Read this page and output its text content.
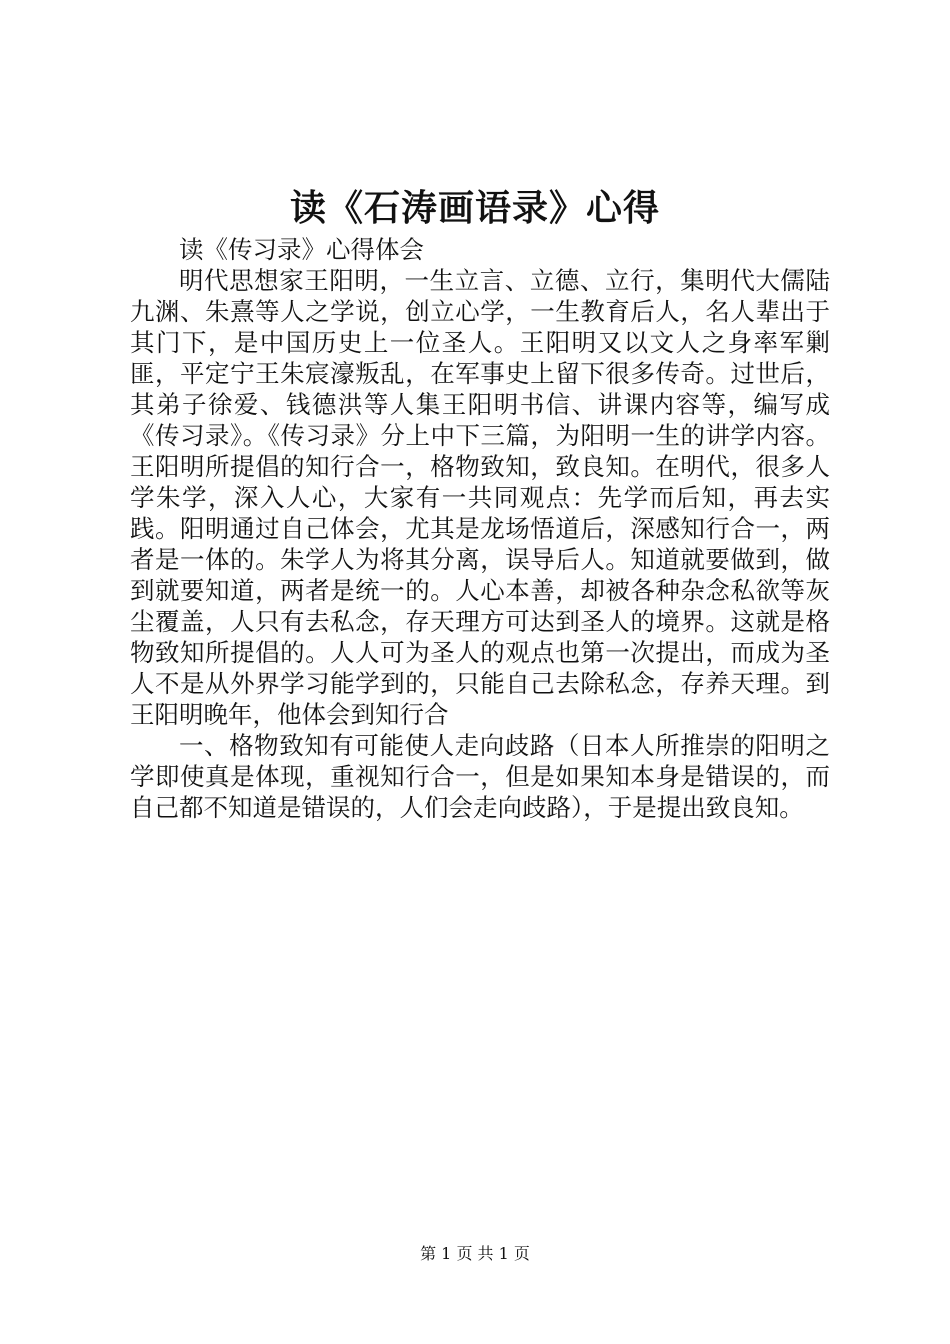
读《石涛画语录》心得

读《传习录》心得体会

明代思想家王阳明，一生立言、立德、立行，集明代大儒陆九渊、朱熹等人之学说，创立心学，一生教育后人，名人辈出于其门下，是中国历史上一位圣人。王阳明又以文人之身率军剿匪，平定宁王朱宸濠叛乱，在军事史上留下很多传奇。过世后，其弟子徐爱、钱德洪等人集王阳明书信、讲课内容等，编写成《传习录》。《传习录》分上中下三篇，为阳明一生的讲学内容。王阳明所提倡的知行合一，格物致知，致良知。在明代，很多人学朱学，深入人心，大家有一共同观点：先学而后知，再去实践。阳明通过自己体会，尤其是龙场悟道后，深感知行合一，两者是一体的。朱学人为将其分离，误导后人。知道就要做到，做到就要知道，两者是统一的。人心本善，却被各种杂念私欲等灰尘覆盖，人只有去私念，存天理方可达到圣人的境界。这就是格物致知所提倡的。人人可为圣人的观点也第一次提出，而成为圣人不是从外界学习能学到的，只能自己去除私念，存养天理。到王阳明晚年，他体会到知行合

一、格物致知有可能使人走向歧路（日本人所推崇的阳明之学即使真是体现，重视知行合一，但是如果知本身是错误的，而自己都不知道是错误的，人们会走向歧路），于是提出致良知。

第 1 页 共 1 页
